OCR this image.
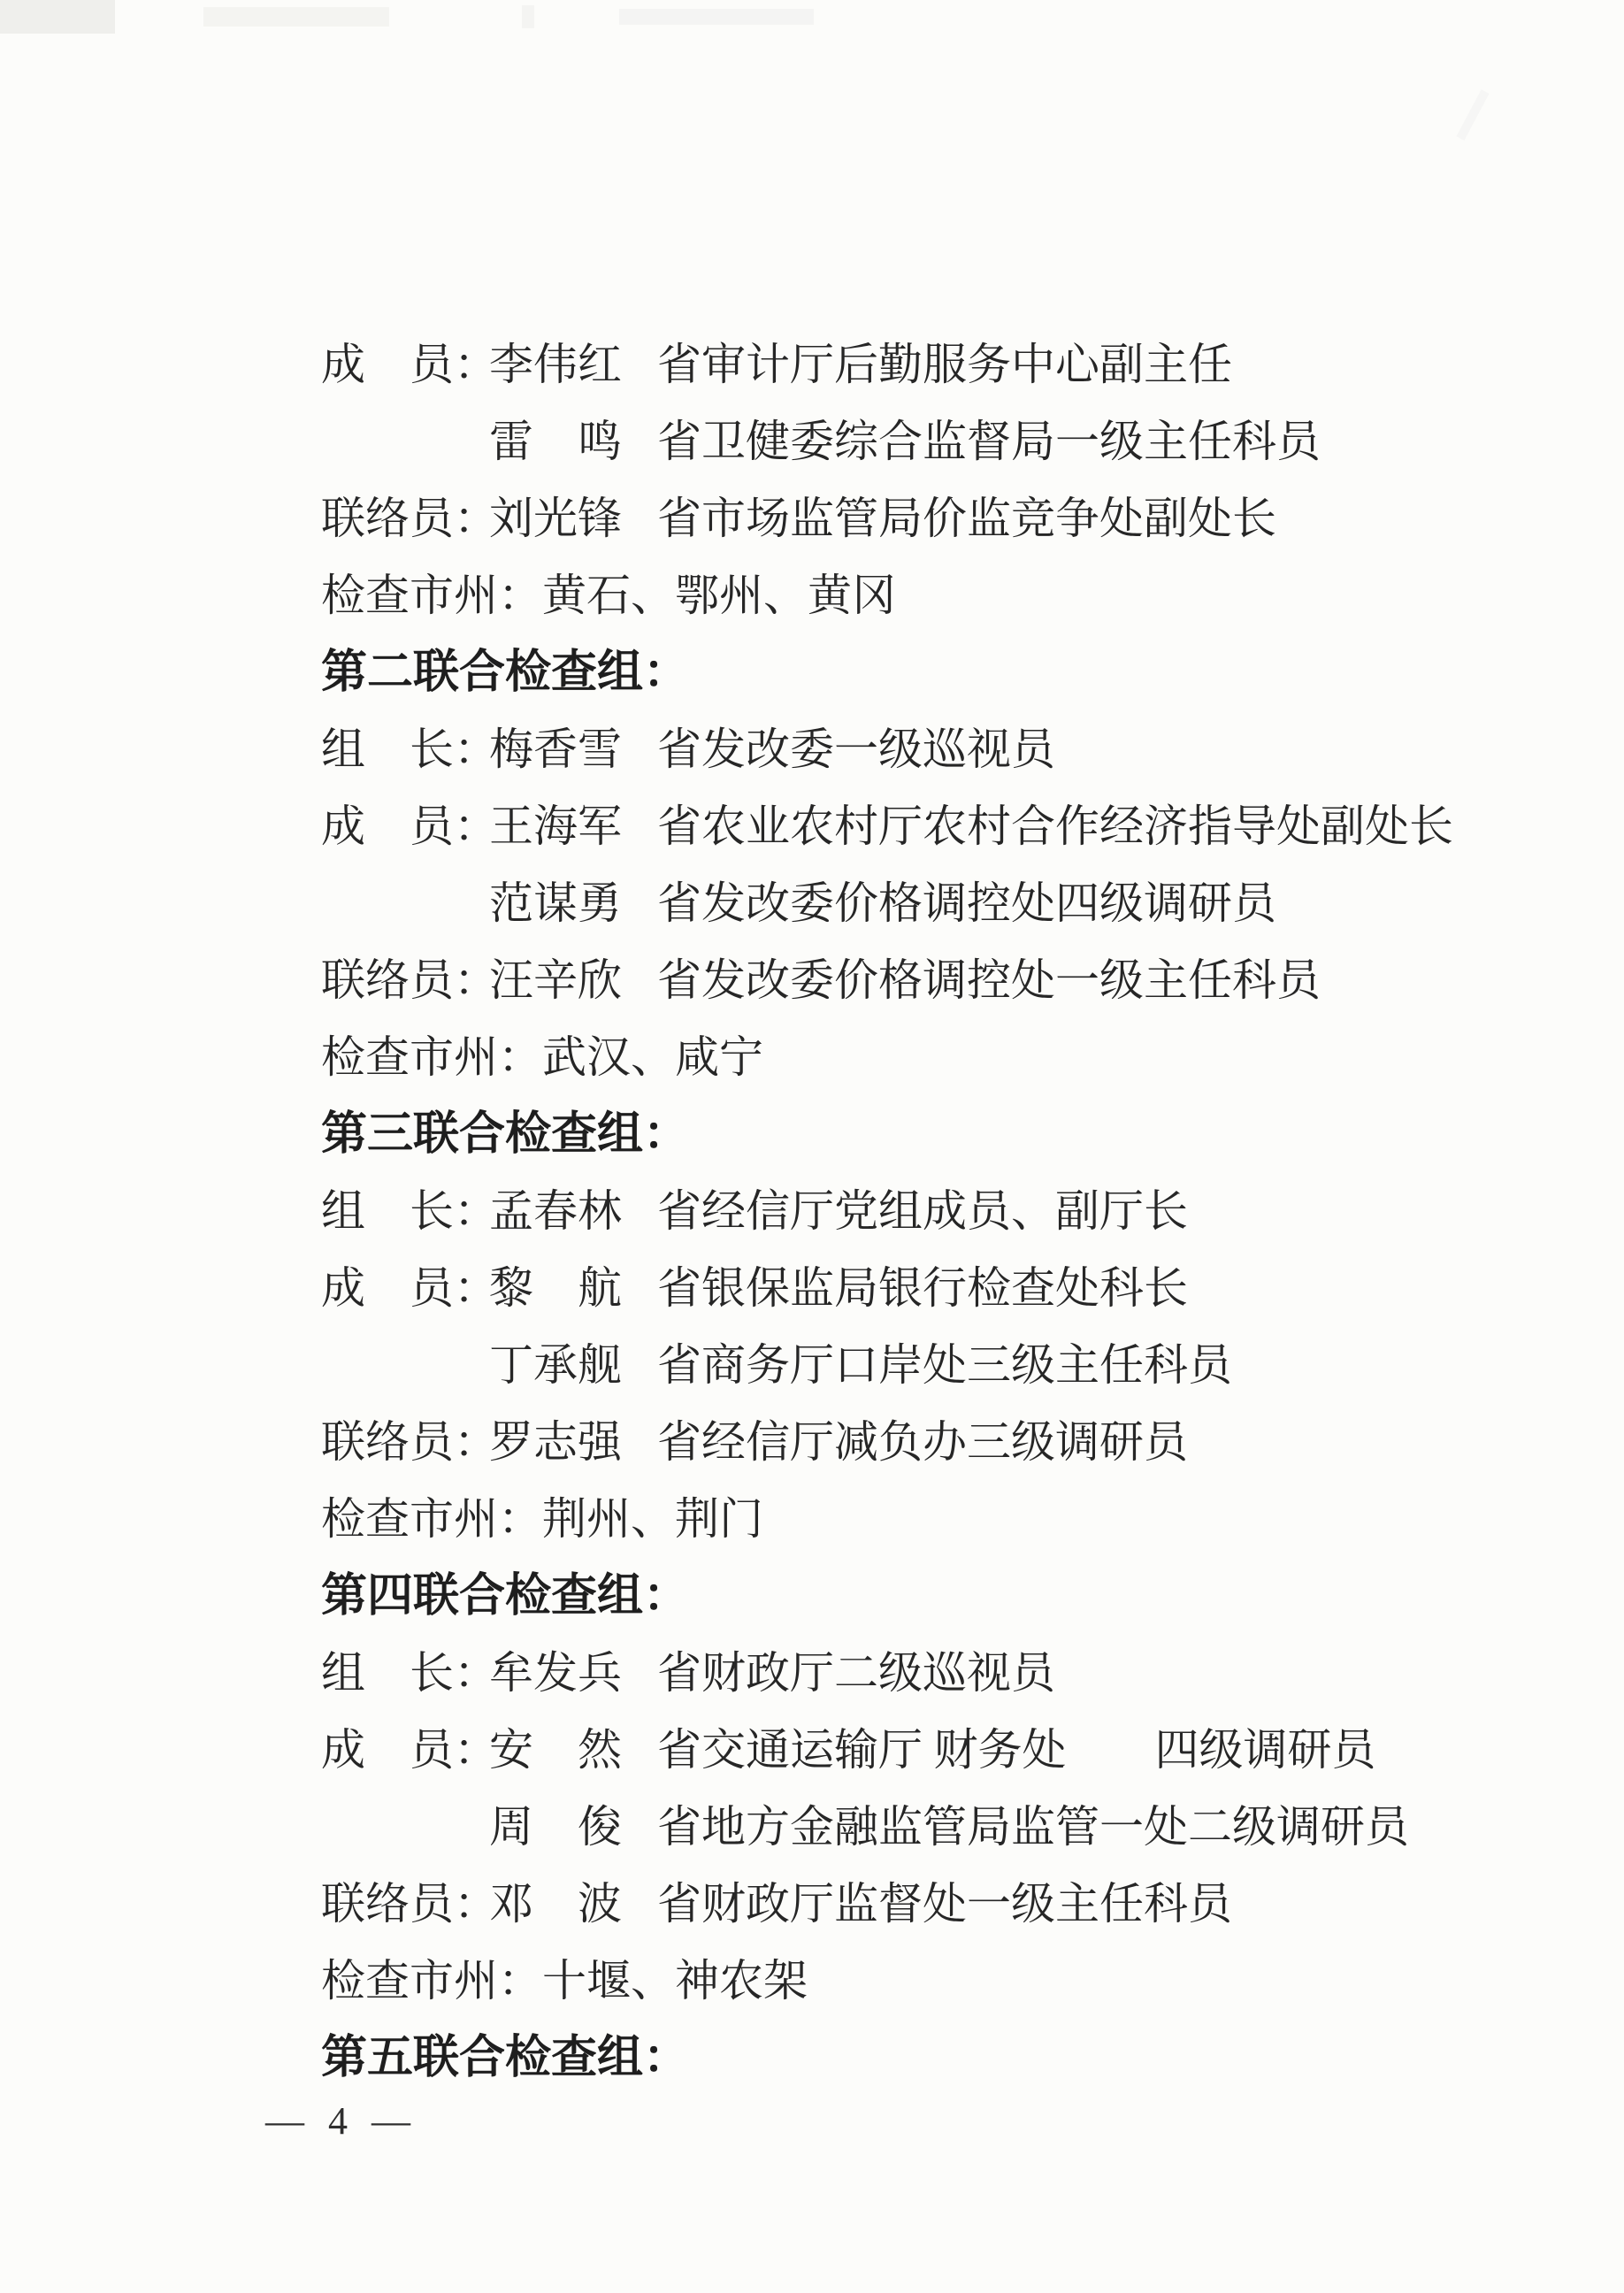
成　员：
李伟红 省审计厅后勤服务中心副主任
雷　鸣 省卫健委综合监督局一级主任科员
联络员：
刘光锋 省市场监管局价监竞争处副处长
检查市州： 黄石、鄂州、黄冈
第二联合检查组：
组　长：
梅香雪 省发改委一级巡视员
成　员：
王海军 省农业农村厅农村合作经济指导处副处长
范谋勇 省发改委价格调控处四级调研员
联络员：
汪辛欣 省发改委价格调控处一级主任科员
检查市州： 武汉、咸宁
第三联合检查组：
组　长：
孟春林 省经信厅党组成员、副厅长
成　员：
黎　航 省银保监局银行检查处科长
丁承舰 省商务厅口岸处三级主任科员
联络员：
罗志强 省经信厅减负办三级调研员
检查市州： 荆州、荆门
第四联合检查组：
组　长：
牟发兵 省财政厅二级巡视员
成　员：
安　然 省交通运输厅 财务处　　四级调研员
周　俊 省地方金融监管局监管一处二级调研员
联络员：
邓　波 省财政厅监督处一级主任科员
检查市州： 十堰、神农架
第五联合检查组：
— 4 —
